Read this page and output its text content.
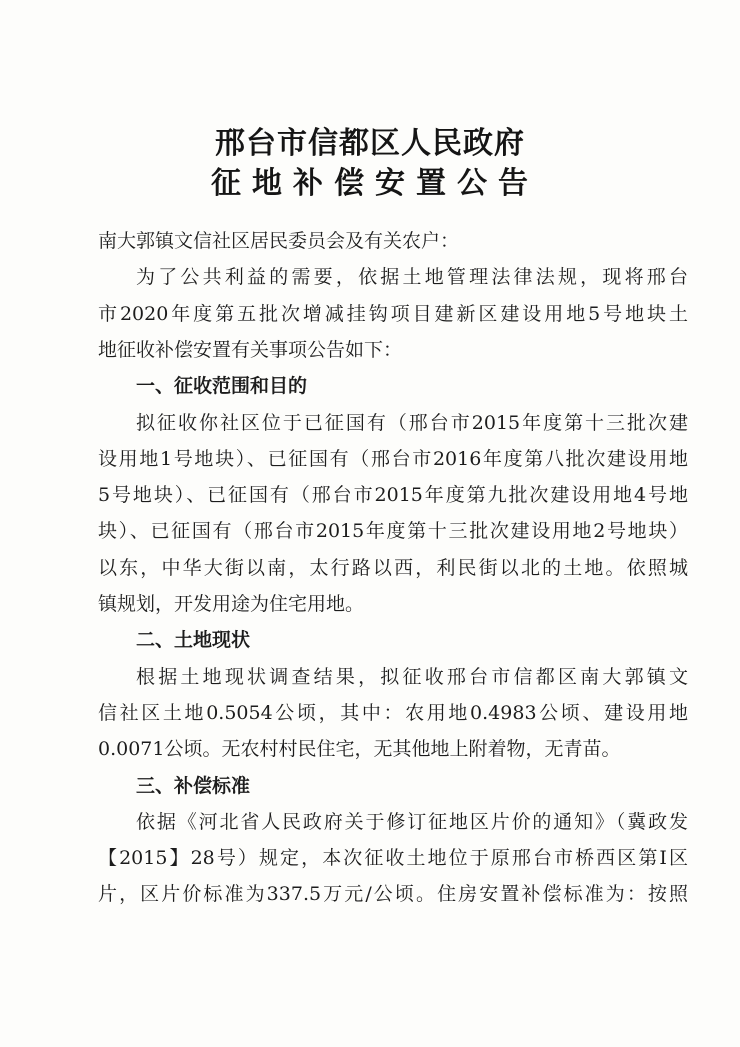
邢台市信都区人民政府
征地补偿安置公告
南大郭镇文信社区居民委员会及有关农户：
为了公共利益的需要，依据土地管理法律法规，现将邢台
市2020年度第五批次增减挂钩项目建新区建设用地5号地块土
地征收补偿安置有关事项公告如下：
一、征收范围和目的
拟征收你社区位于已征国有（邢台市2015年度第十三批次建
设用地1号地块）、已征国有（邢台市2016年度第八批次建设用地
5号地块）、已征国有（邢台市2015年度第九批次建设用地4号地
块）、已征国有（邢台市2015年度第十三批次建设用地2号地块）
以东，中华大街以南，太行路以西，利民街以北的土地。依照城
镇规划，开发用途为住宅用地。
二、土地现状
根据土地现状调查结果，拟征收邢台市信都区南大郭镇文
信社区土地0.5054公顷，其中：农用地0.4983公顷、建设用地
0.0071公顷。无农村村民住宅，无其他地上附着物，无青苗。
三、补偿标准
依据《河北省人民政府关于修订征地区片价的通知》（冀政发
【2015】28号）规定，本次征收土地位于原邢台市桥西区第Ⅰ区
片，区片价标准为337.5万元/公顷。住房安置补偿标准为：按照
